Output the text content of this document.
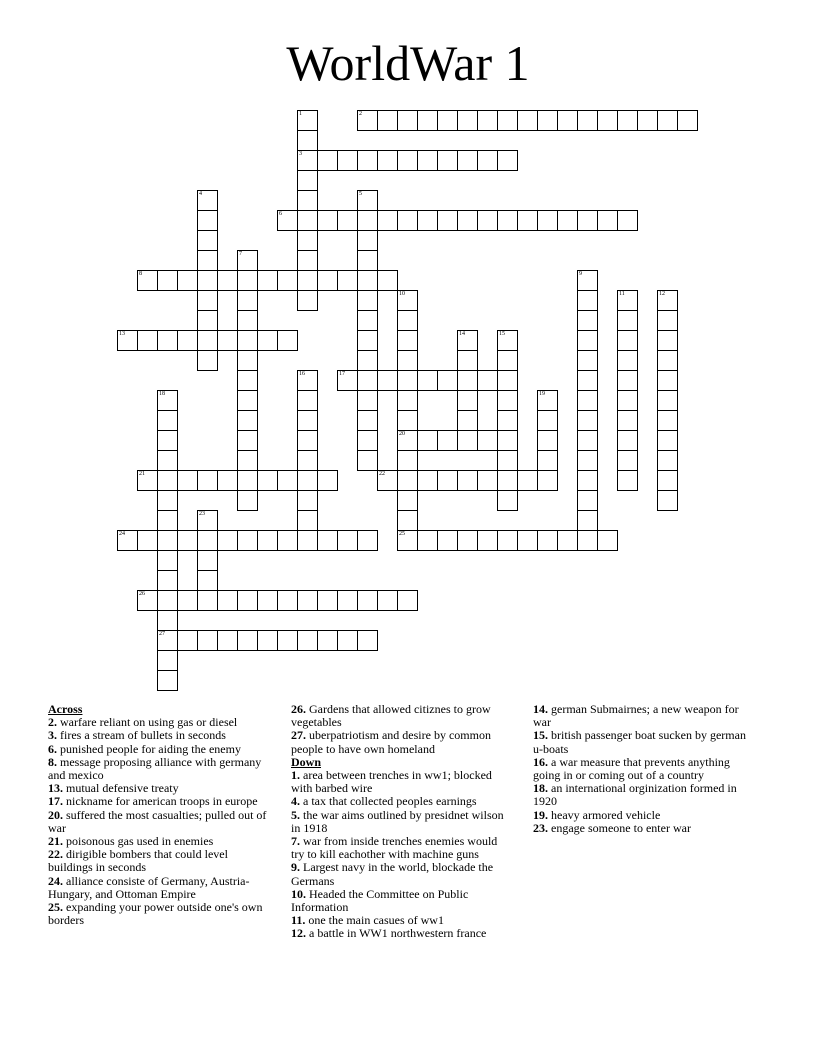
WorldWar 1
2
3
6
8
13
17
20
21	22
24	25
26
27
1
4	5
7
9
10	11	12
14	15
16
18	19
23
Across
2. warfare reliant on using gas or diesel
3. fires a stream of bullets in seconds
6. punished people for aiding the enemy
8. message proposing alliance with germany and mexico
13. mutual defensive treaty
17. nickname for american troops in europe
20. suffered the most casualties; pulled out of war
21. poisonous gas used in enemies
22. dirigible bombers that could level buildings in seconds
24. alliance consiste of Germany, Austria-Hungary, and Ottoman Empire
25. expanding your power outside one's own borders
26. Gardens that allowed citiznes to grow vegetables
27. uberpatriotism and desire by common people to have own homeland
Down
1. area between trenches in ww1; blocked with barbed wire
4. a tax that collected peoples earnings
5. the war aims outlined by presidnet wilson in 1918
7. war from inside trenches enemies would try to kill eachother with machine guns
9. Largest navy in the world, blockade the Germans
10. Headed the Committee on Public Information
11. one the main casues of ww1
12. a battle in WW1 northwestern france
14. german Submairnes; a new weapon for war
15. british passenger boat sucken by german u-boats
16. a war measure that prevents anything going in or coming out of a country
18. an international orginization formed in 1920
19. heavy armored vehicle
23. engage someone to enter war
